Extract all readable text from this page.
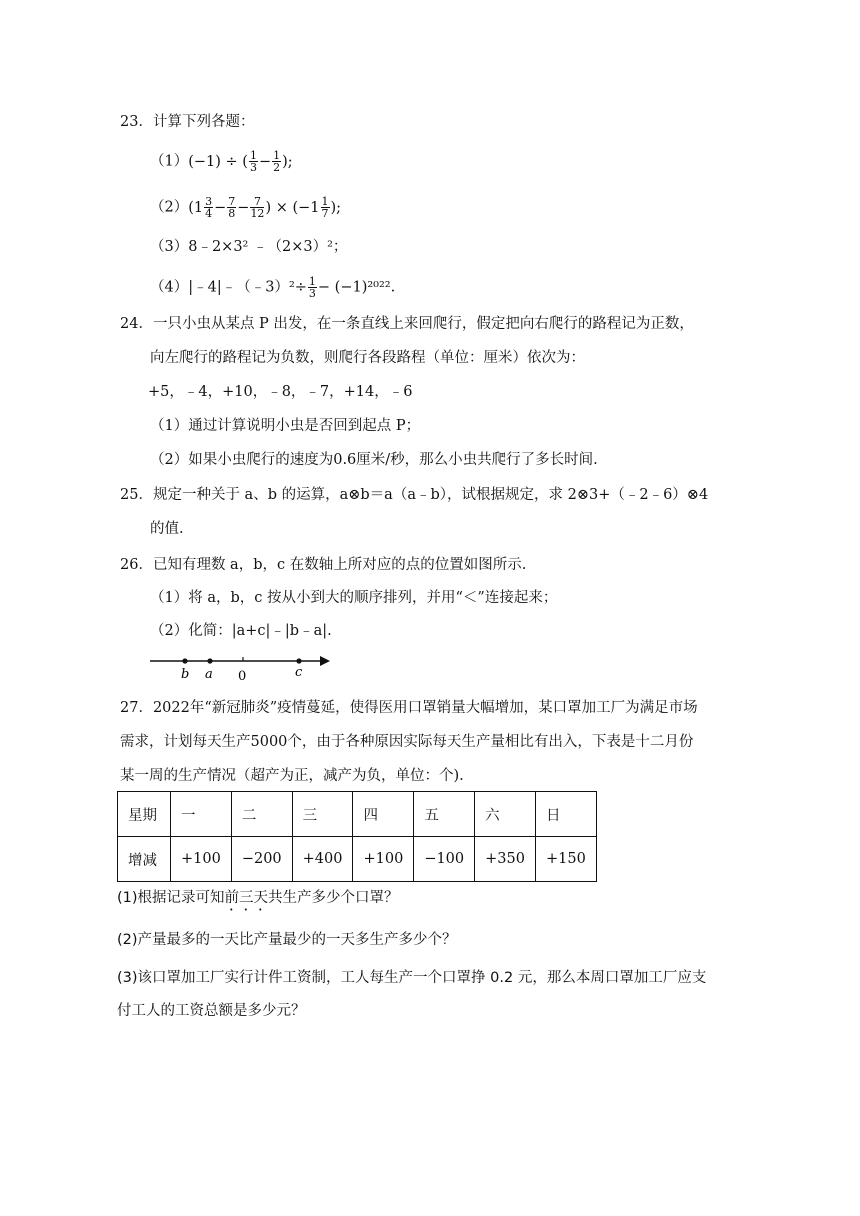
23．计算下列各题：
（1）(−1) ÷ ( $\frac{1}{3} - \frac{1}{2}$ );
$(2)(1 \frac{3}{4} - \frac{7}{8} - \frac{7}{12}$ ) × ($-1 \frac{1}{7}$ );
（3）8﹣2×3² ﹣（2×3）²；
（4）|﹣4|﹣（﹣3）²÷ $\frac{1}{3} - (-1)^{2022}$.
24．一只小虫从某点 P 出发，在一条直线上来回爬行，假定把向右爬行的路程记为正数，
向左爬行的路程记为负数，则爬行各段路程（单位：厘米）依次为：
+5，﹣4，+10，﹣8，﹣7，+14，﹣6
（1）通过计算说明小虫是否回到起点 P；
（2）如果小虫爬行的速度为0.6厘米/秒，那么小虫共爬行了多长时间.
25．规定一种关于 a、b 的运算，a⊗b＝a（a﹣b），试根据规定，求 2⊗3+（﹣2﹣6）⊗4
的值.
26．已知有理数 a，b，c 在数轴上所对应的点的位置如图所示.
（1）将 a，b，c 按从小到大的顺序排列，并用“＜”连接起来；
（2）化简：|a+c|﹣|b﹣a|.
b a 0	c
27．2022年“新冠肺炎”疫情蔓延，使得医用口罩销量大幅增加，某口罩加工厂为满足市场
需求，计划每天生产5000个，由于各种原因实际每天生产量相比有出入，下表是十二月份
某一周的生产情况（超产为正，减产为负，单位：个).
星期	一	二	三	四	五	六	日
增减	+100	−200	+400	+100	−100	+350	+150
(1)根据记录可知前三天共生产多少个口罩？
(2)产量最多的一天比产量最少的一天多生产多少个？
(3)该口罩加工厂实行计件工资制，工人每生产一个口罩挣 0.2 元，那么本周口罩加工厂应支
付工人的工资总额是多少元？
